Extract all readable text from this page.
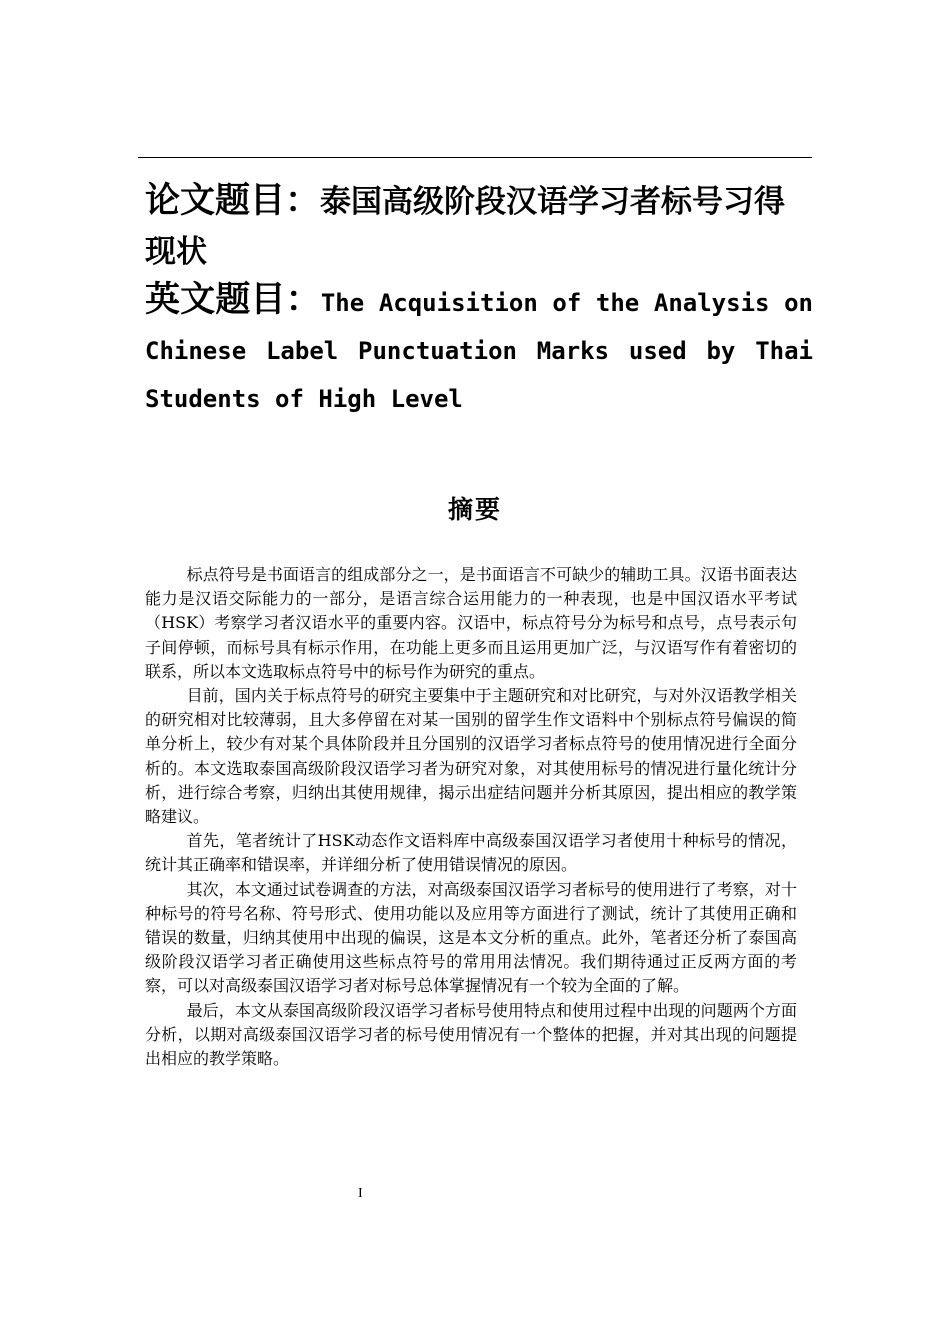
论文题目：泰国高级阶段汉语学习者标号习得现状
英文题目：The Acquisition of the Analysis on Chinese Label Punctuation Marks used by Thai Students of High Level
摘要

标点符号是书面语言的组成部分之一，是书面语言不可缺少的辅助工具。汉语书面表达能力是汉语交际能力的一部分，是语言综合运用能力的一种表现，也是中国汉语水平考试（HSK）考察学习者汉语水平的重要内容。汉语中，标点符号分为标号和点号，点号表示句子间停顿，而标号具有标示作用，在功能上更多而且运用更加广泛，与汉语写作有着密切的联系，所以本文选取标点符号中的标号作为研究的重点。

目前，国内关于标点符号的研究主要集中于主题研究和对比研究，与对外汉语教学相关的研究相对比较薄弱，且大多停留在对某一国别的留学生作文语料中个别标点符号偏误的简单分析上，较少有对某个具体阶段并且分国别的汉语学习者标点符号的使用情况进行全面分析的。本文选取泰国高级阶段汉语学习者为研究对象，对其使用标号的情况进行量化统计分析，进行综合考察，归纳出其使用规律，揭示出症结问题并分析其原因，提出相应的教学策略建议。

首先，笔者统计了HSK动态作文语料库中高级泰国汉语学习者使用十种标号的情况，统计其正确率和错误率，并详细分析了使用错误情况的原因。

其次，本文通过试卷调查的方法，对高级泰国汉语学习者标号的使用进行了考察，对十种标号的符号名称、符号形式、使用功能以及应用等方面进行了测试，统计了其使用正确和错误的数量，归纳其使用中出现的偏误，这是本文分析的重点。此外，笔者还分析了泰国高级阶段汉语学习者正确使用这些标点符号的常用用法情况。我们期待通过正反两方面的考察，可以对高级泰国汉语学习者对标号总体掌握情况有一个较为全面的了解。

最后，本文从泰国高级阶段汉语学习者标号使用特点和使用过程中出现的问题两个方面分析，以期对高级泰国汉语学习者的标号使用情况有一个整体的把握，并对其出现的问题提出相应的教学策略。

I
